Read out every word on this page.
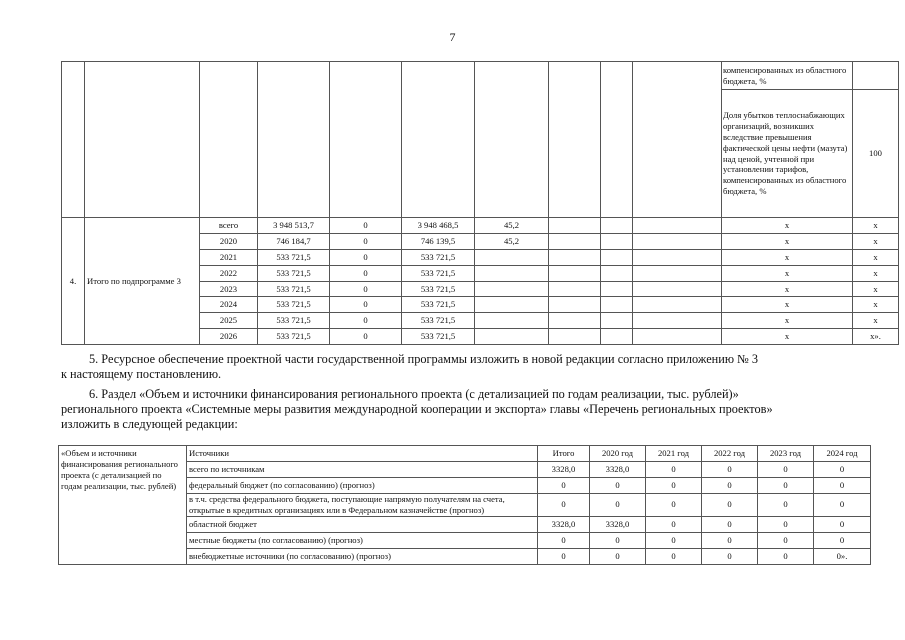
7
										компенсированных из областного бюджета, %	
										Доля убытков теплоснабжающих организаций, возникших вследствие превышения фактической цены нефти (мазута) над ценой, учтенной при установлении тарифов, компенсированных из областного бюджета, %	100
4.	Итого по подпрограмме 3	всего	3 948 513,7	0	3 948 468,5	45,2				х	х
		2020	746 184,7	0	746 139,5	45,2				х	х
		2021	533 721,5	0	533 721,5					х	х
		2022	533 721,5	0	533 721,5					х	х
		2023	533 721,5	0	533 721,5					х	х
		2024	533 721,5	0	533 721,5					х	х
		2025	533 721,5	0	533 721,5					х	х
		2026	533 721,5	0	533 721,5					х	х».
5. Ресурсное обеспечение проектной части государственной программы изложить в новой редакции согласно приложению № 3
к настоящему постановлению.
6. Раздел «Объем и источники финансирования регионального проекта (с детализацией по годам реализации, тыс. рублей)»
регионального проекта «Системные меры развития международной кооперации и экспорта» главы «Перечень региональных проектов»
изложить в следующей редакции:
«Объем и источники финансирования регионального проекта (с детализацией по годам реализации, тыс. рублей)	Источники	Итого	2020 год	2021 год	2022 год	2023 год	2024 год
	всего по источникам	3328,0	3328,0	0	0	0	0
	федеральный бюджет (по согласованию) (прогноз)	0	0	0	0	0	0
	в т.ч. средства федерального бюджета, поступающие напрямую получателям на счета, открытые в кредитных организациях или в Федеральном казначействе (прогноз)	0	0	0	0	0	0
	областной бюджет	3328,0	3328,0	0	0	0	0
	местные бюджеты (по согласованию) (прогноз)	0	0	0	0	0	0
	внебюджетные источники (по согласованию) (прогноз)	0	0	0	0	0	0».
